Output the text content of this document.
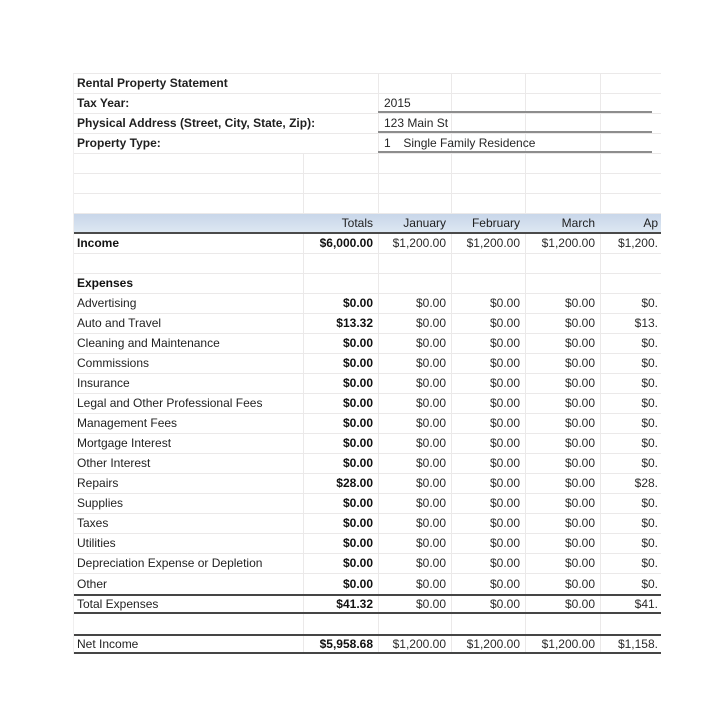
Rental Property Statement
Tax Year:	2015
Physical Address (Street, City, State, Zip):	123 Main St
Property Type:	1 Single Family Residence
Totals	January	February	March	Ap
Income	$6,000.00	$1,200.00	$1,200.00	$1,200.00	$1,200.
Expenses
Advertising	$0.00	$0.00	$0.00	$0.00	$0.
Auto and Travel	$13.32	$0.00	$0.00	$0.00	$13.
Cleaning and Maintenance	$0.00	$0.00	$0.00	$0.00	$0.
Commissions	$0.00	$0.00	$0.00	$0.00	$0.
Insurance	$0.00	$0.00	$0.00	$0.00	$0.
Legal and Other Professional Fees	$0.00	$0.00	$0.00	$0.00	$0.
Management Fees	$0.00	$0.00	$0.00	$0.00	$0.
Mortgage Interest	$0.00	$0.00	$0.00	$0.00	$0.
Other Interest	$0.00	$0.00	$0.00	$0.00	$0.
Repairs	$28.00	$0.00	$0.00	$0.00	$28.
Supplies	$0.00	$0.00	$0.00	$0.00	$0.
Taxes	$0.00	$0.00	$0.00	$0.00	$0.
Utilities	$0.00	$0.00	$0.00	$0.00	$0.
Depreciation Expense or Depletion	$0.00	$0.00	$0.00	$0.00	$0.
Other	$0.00	$0.00	$0.00	$0.00	$0.
Total Expenses	$41.32	$0.00	$0.00	$0.00	$41.
Net Income	$5,958.68	$1,200.00	$1,200.00	$1,200.00	$1,158.
